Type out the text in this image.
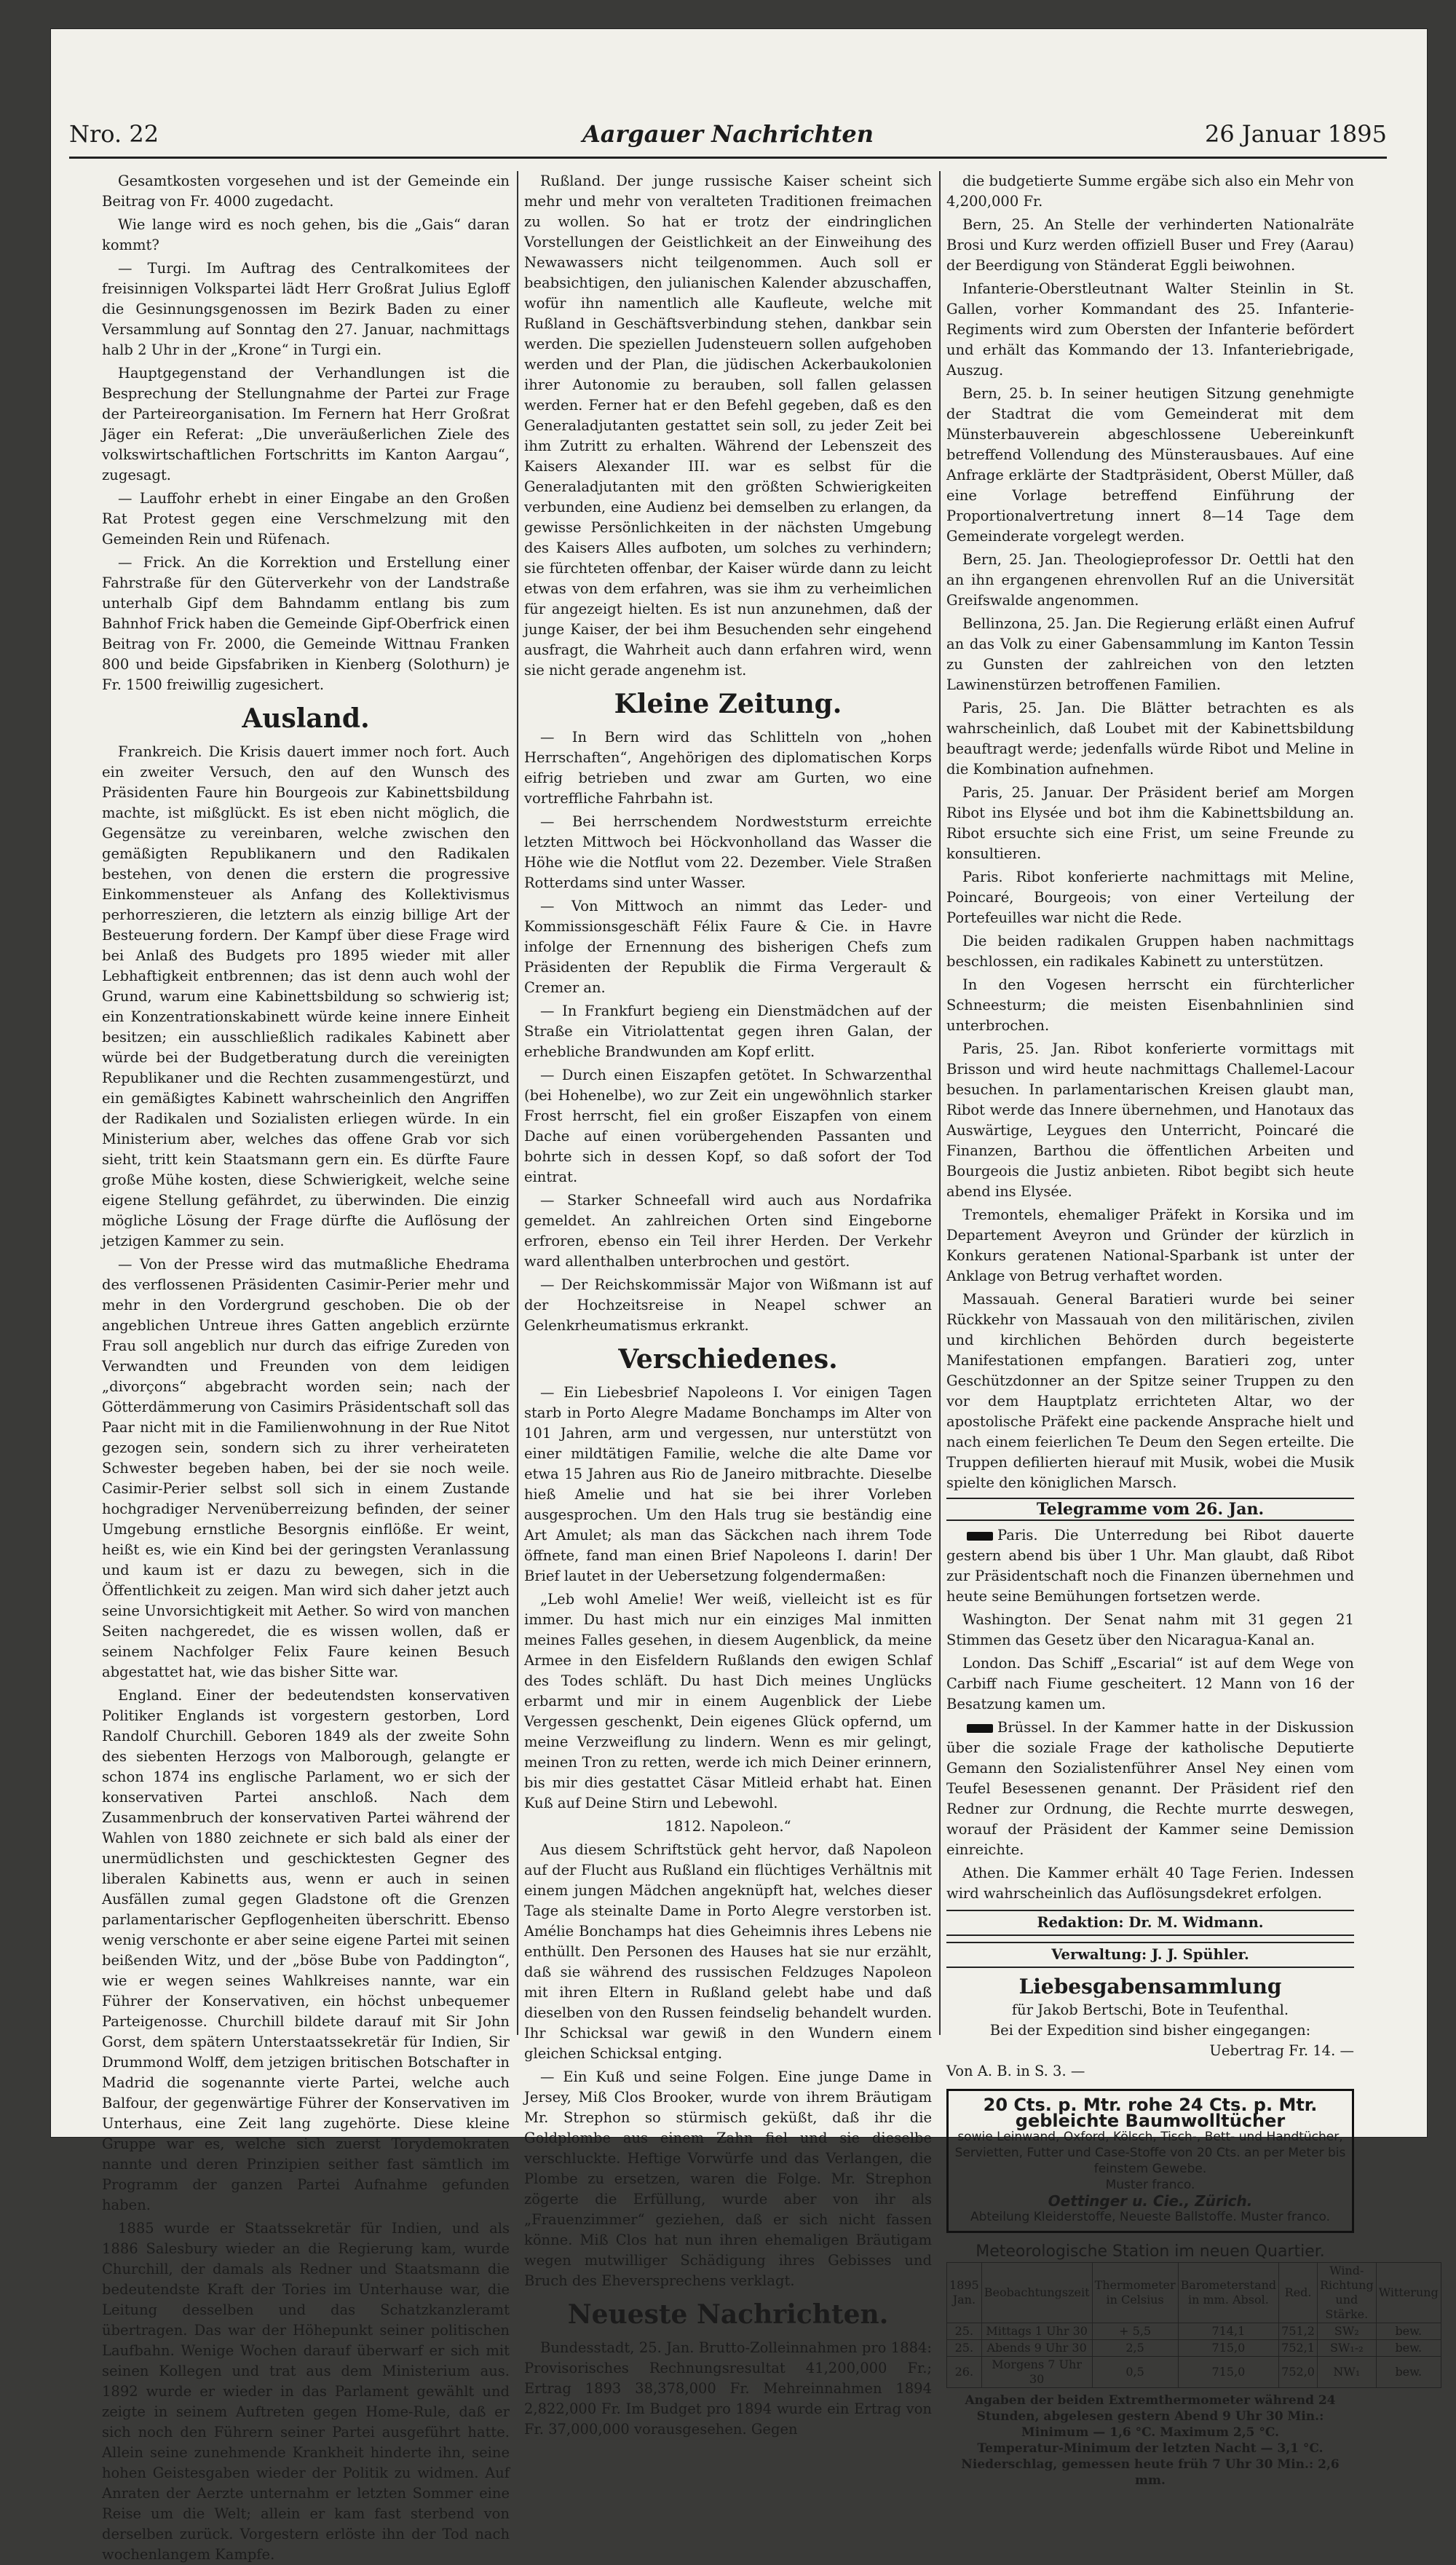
Nro. 22	Aargauer Nachrichten	26 Januar 1895

Gesamtkosten vorgesehen und ist der Gemeinde ein Beitrag von Fr. 4000 zugedacht.

Wie lange wird es noch gehen, bis die „Gais“ daran kommt?

— Turgi. Im Auftrag des Centralkomitees der freisinnigen Volkspartei lädt Herr Großrat Julius Egloff die Gesinnungsgenossen im Bezirk Baden zu einer Versammlung auf Sonntag den 27. Januar, nachmittags halb 2 Uhr in der „Krone“ in Turgi ein.

Hauptgegenstand der Verhandlungen ist die Besprechung der Stellungnahme der Partei zur Frage der Parteireorganisation. Im Fernern hat Herr Großrat Jäger ein Referat: „Die unveräußerlichen Ziele des volkswirtschaftlichen Fortschritts im Kanton Aargau“, zugesagt.

— Lauffohr erhebt in einer Eingabe an den Großen Rat Protest gegen eine Verschmelzung mit den Gemeinden Rein und Rüfenach.

— Frick. An die Korrektion und Erstellung einer Fahrstraße für den Güterverkehr von der Landstraße unterhalb Gipf dem Bahndamm entlang bis zum Bahnhof Frick haben die Gemeinde Gipf-Oberfrick einen Beitrag von Fr. 2000, die Gemeinde Wittnau Franken 800 und beide Gipsfabriken in Kienberg (Solothurn) je Fr. 1500 freiwillig zugesichert.

Ausland.

Frankreich. Die Krisis dauert immer noch fort. Auch ein zweiter Versuch, den auf den Wunsch des Präsidenten Faure hin Bourgeois zur Kabinettsbildung machte, ist mißglückt. Es ist eben nicht möglich, die Gegensätze zu vereinbaren, welche zwischen den gemäßigten Republikanern und den Radikalen bestehen, von denen die erstern die progressive Einkommensteuer als Anfang des Kollektivismus perhorreszieren, die letztern als einzig billige Art der Besteuerung fordern. Der Kampf über diese Frage wird bei Anlaß des Budgets pro 1895 wieder mit aller Lebhaftigkeit entbrennen; das ist denn auch wohl der Grund, warum eine Kabinettsbildung so schwierig ist; ein Konzentrationskabinett würde keine innere Einheit besitzen; ein ausschließlich radikales Kabinett aber würde bei der Budgetberatung durch die vereinigten Republikaner und die Rechten zusammengestürzt, und ein gemäßigtes Kabinett wahrscheinlich den Angriffen der Radikalen und Sozialisten erliegen würde. In ein Ministerium aber, welches das offene Grab vor sich sieht, tritt kein Staatsmann gern ein. Es dürfte Faure große Mühe kosten, diese Schwierigkeit, welche seine eigene Stellung gefährdet, zu überwinden. Die einzig mögliche Lösung der Frage dürfte die Auflösung der jetzigen Kammer zu sein.

— Von der Presse wird das mutmaßliche Ehedrama des verflossenen Präsidenten Casimir-Perier mehr und mehr in den Vordergrund geschoben. Die ob der angeblichen Untreue ihres Gatten angeblich erzürnte Frau soll angeblich nur durch das eifrige Zureden von Verwandten und Freunden von dem leidigen „divorçons“ abgebracht worden sein; nach der Götterdämmerung von Casimirs Präsidentschaft soll das Paar nicht mit in die Familienwohnung in der Rue Nitot gezogen sein, sondern sich zu ihrer verheirateten Schwester begeben haben, bei der sie noch weile. Casimir-Perier selbst soll sich in einem Zustande hochgradiger Nervenüberreizung befinden, der seiner Umgebung ernstliche Besorgnis einflöße. Er weint, heißt es, wie ein Kind bei der geringsten Veranlassung und kaum ist er dazu zu bewegen, sich in die Öffentlichkeit zu zeigen. Man wird sich daher jetzt auch seine Unvorsichtigkeit mit Aether. So wird von manchen Seiten nachgeredet, die es wissen wollen, daß er seinem Nachfolger Felix Faure keinen Besuch abgestattet hat, wie das bisher Sitte war.

England. Einer der bedeutendsten konservativen Politiker Englands ist vorgestern gestorben, Lord Randolf Churchill. Geboren 1849 als der zweite Sohn des siebenten Herzogs von Malborough, gelangte er schon 1874 ins englische Parlament, wo er sich der konservativen Partei anschloß. Nach dem Zusammenbruch der konservativen Partei während der Wahlen von 1880 zeichnete er sich bald als einer der unermüdlichsten und geschicktesten Gegner des liberalen Kabinetts aus, wenn er auch in seinen Ausfällen zumal gegen Gladstone oft die Grenzen parlamentarischer Gepflogenheiten überschritt. Ebenso wenig verschonte er aber seine eigene Partei mit seinen beißenden Witz, und der „böse Bube von Paddington“, wie er wegen seines Wahlkreises nannte, war ein Führer der Konservativen, ein höchst unbequemer Parteigenosse. Churchill bildete darauf mit Sir John Gorst, dem spätern Unterstaatssekretär für Indien, Sir Drummond Wolff, dem jetzigen britischen Botschafter in Madrid die sogenannte vierte Partei, welche auch Balfour, der gegenwärtige Führer der Konservativen im Unterhaus, eine Zeit lang zugehörte. Diese kleine Gruppe war es, welche sich zuerst Torydemokraten nannte und deren Prinzipien seither fast sämtlich im Programm der ganzen Partei Aufnahme gefunden haben.

1885 wurde er Staatssekretär für Indien, und als 1886 Salesbury wieder an die Regierung kam, wurde Churchill, der damals als Redner und Staatsmann die bedeutendste Kraft der Tories im Unterhause war, die Leitung desselben und das Schatzkanzleramt übertragen. Das war der Höhepunkt seiner politischen Laufbahn. Wenige Wochen darauf überwarf er sich mit seinen Kollegen und trat aus dem Ministerium aus. 1892 wurde er wieder in das Parlament gewählt und zeigte in seinem Auftreten gegen Home-Rule, daß er sich noch den Führern seiner Partei ausgeführt hatte. Allein seine zunehmende Krankheit hinderte ihn, seine hohen Geistesgaben wieder der Politik zu widmen. Auf Anraten der Aerzte unternahm er letzten Sommer eine Reise um die Welt; allein er kam fast sterbend von derselben zurück. Vorgestern erlöste ihn der Tod nach wochenlangem Kampfe.

Rußland. Der junge russische Kaiser scheint sich mehr und mehr von veralteten Traditionen freimachen zu wollen. So hat er trotz der eindringlichen Vorstellungen der Geistlichkeit an der Einweihung des Newawassers nicht teilgenommen. Auch soll er beabsichtigen, den julianischen Kalender abzuschaffen, wofür ihn namentlich alle Kaufleute, welche mit Rußland in Geschäftsverbindung stehen, dankbar sein werden. Die speziellen Judensteuern sollen aufgehoben werden und der Plan, die jüdischen Ackerbaukolonien ihrer Autonomie zu berauben, soll fallen gelassen werden. Ferner hat er den Befehl gegeben, daß es den Generaladjutanten gestattet sein soll, zu jeder Zeit bei ihm Zutritt zu erhalten. Während der Lebenszeit des Kaisers Alexander III. war es selbst für die Generaladjutanten mit den größten Schwierigkeiten verbunden, eine Audienz bei demselben zu erlangen, da gewisse Persönlichkeiten in der nächsten Umgebung des Kaisers Alles aufboten, um solches zu verhindern; sie fürchteten offenbar, der Kaiser würde dann zu leicht etwas von dem erfahren, was sie ihm zu verheimlichen für angezeigt hielten. Es ist nun anzunehmen, daß der junge Kaiser, der bei ihm Besuchenden sehr eingehend ausfragt, die Wahrheit auch dann erfahren wird, wenn sie nicht gerade angenehm ist.

Kleine Zeitung.

— In Bern wird das Schlitteln von „hohen Herrschaften“, Angehörigen des diplomatischen Korps eifrig betrieben und zwar am Gurten, wo eine vortreffliche Fahrbahn ist.

— Bei herrschendem Nordweststurm erreichte letzten Mittwoch bei Höckvonholland das Wasser die Höhe wie die Notflut vom 22. Dezember. Viele Straßen Rotterdams sind unter Wasser.

— Von Mittwoch an nimmt das Leder- und Kommissionsgeschäft Félix Faure & Cie. in Havre infolge der Ernennung des bisherigen Chefs zum Präsidenten der Republik die Firma Vergerault & Cremer an.

— In Frankfurt begieng ein Dienstmädchen auf der Straße ein Vitriolattentat gegen ihren Galan, der erhebliche Brandwunden am Kopf erlitt.

— Durch einen Eiszapfen getötet. In Schwarzenthal (bei Hohenelbe), wo zur Zeit ein ungewöhnlich starker Frost herrscht, fiel ein großer Eiszapfen von einem Dache auf einen vorübergehenden Passanten und bohrte sich in dessen Kopf, so daß sofort der Tod eintrat.

— Starker Schneefall wird auch aus Nordafrika gemeldet. An zahlreichen Orten sind Eingeborne erfroren, ebenso ein Teil ihrer Herden. Der Verkehr ward allenthalben unterbrochen und gestört.

— Der Reichskommissär Major von Wißmann ist auf der Hochzeitsreise in Neapel schwer an Gelenkrheumatismus erkrankt.

Verschiedenes.

— Ein Liebesbrief Napoleons I. Vor einigen Tagen starb in Porto Alegre Madame Bonchamps im Alter von 101 Jahren, arm und vergessen, nur unterstützt von einer mildtätigen Familie, welche die alte Dame vor etwa 15 Jahren aus Rio de Janeiro mitbrachte. Dieselbe hieß Amelie und hat sie bei ihrer Vorleben ausgesprochen. Um den Hals trug sie beständig eine Art Amulet; als man das Säckchen nach ihrem Tode öffnete, fand man einen Brief Napoleons I. darin! Der Brief lautet in der Uebersetzung folgendermaßen:

„Leb wohl Amelie! Wer weiß, vielleicht ist es für immer. Du hast mich nur ein einziges Mal inmitten meines Falles gesehen, in diesem Augenblick, da meine Armee in den Eisfeldern Rußlands den ewigen Schlaf des Todes schläft. Du hast Dich meines Unglücks erbarmt und mir in einem Augenblick der Liebe Vergessen geschenkt, Dein eigenes Glück opfernd, um meine Verzweiflung zu lindern. Wenn es mir gelingt, meinen Tron zu retten, werde ich mich Deiner erinnern, bis mir dies gestattet Cäsar Mitleid erhabt hat. Einen Kuß auf Deine Stirn und Lebewohl.

1812. Napoleon.“

Aus diesem Schriftstück geht hervor, daß Napoleon auf der Flucht aus Rußland ein flüchtiges Verhältnis mit einem jungen Mädchen angeknüpft hat, welches dieser Tage als steinalte Dame in Porto Alegre verstorben ist. Amélie Bonchamps hat dies Geheimnis ihres Lebens nie enthüllt. Den Personen des Hauses hat sie nur erzählt, daß sie während des russischen Feldzuges Napoleon mit ihren Eltern in Rußland gelebt habe und daß dieselben von den Russen feindselig behandelt wurden. Ihr Schicksal war gewiß in den Wundern einem gleichen Schicksal entging.

— Ein Kuß und seine Folgen. Eine junge Dame in Jersey, Miß Clos Brooker, wurde von ihrem Bräutigam Mr. Strephon so stürmisch geküßt, daß ihr die Goldplombe aus einem Zahn fiel und sie dieselbe verschluckte. Heftige Vorwürfe und das Verlangen, die Plombe zu ersetzen, waren die Folge. Mr. Strephon zögerte die Erfüllung, wurde aber von ihr als „Frauenzimmer“ geziehen, daß er sich nicht fassen könne. Miß Clos hat nun ihren ehemaligen Bräutigam wegen mutwilliger Schädigung ihres Gebisses und Bruch des Eheversprechens verklagt.

Neueste Nachrichten.

Bundesstadt, 25. Jan. Brutto-Zolleinnahmen pro 1884: Provisorisches Rechnungsresultat 41,200,000 Fr.; Ertrag 1893 38,378,000 Fr. Mehreinnahmen 1894 2,822,000 Fr. Im Budget pro 1894 wurde ein Ertrag von Fr. 37,000,000 vorausgesehen. Gegen

die budgetierte Summe ergäbe sich also ein Mehr von 4,200,000 Fr.

Bern, 25. An Stelle der verhinderten Nationalräte Brosi und Kurz werden offiziell Buser und Frey (Aarau) der Beerdigung von Ständerat Eggli beiwohnen.

Infanterie-Oberstleutnant Walter Steinlin in St. Gallen, vorher Kommandant des 25. Infanterie-Regiments wird zum Obersten der Infanterie befördert und erhält das Kommando der 13. Infanteriebrigade, Auszug.

Bern, 25. b. In seiner heutigen Sitzung genehmigte der Stadtrat die vom Gemeinderat mit dem Münsterbauverein abgeschlossene Uebereinkunft betreffend Vollendung des Münsterausbaues. Auf eine Anfrage erklärte der Stadtpräsident, Oberst Müller, daß eine Vorlage betreffend Einführung der Proportionalvertretung innert 8—14 Tage dem Gemeinderate vorgelegt werden.

Bern, 25. Jan. Theologieprofessor Dr. Oettli hat den an ihn ergangenen ehrenvollen Ruf an die Universität Greifswalde angenommen.

Bellinzona, 25. Jan. Die Regierung erläßt einen Aufruf an das Volk zu einer Gabensammlung im Kanton Tessin zu Gunsten der zahlreichen von den letzten Lawinenstürzen betroffenen Familien.

Paris, 25. Jan. Die Blätter betrachten es als wahrscheinlich, daß Loubet mit der Kabinettsbildung beauftragt werde; jedenfalls würde Ribot und Meline in die Kombination aufnehmen.

Paris, 25. Januar. Der Präsident berief am Morgen Ribot ins Elysée und bot ihm die Kabinettsbildung an. Ribot ersuchte sich eine Frist, um seine Freunde zu konsultieren.

Paris. Ribot konferierte nachmittags mit Meline, Poincaré, Bourgeois; von einer Verteilung der Portefeuilles war nicht die Rede.

Die beiden radikalen Gruppen haben nachmittags beschlossen, ein radikales Kabinett zu unterstützen.

In den Vogesen herrscht ein fürchterlicher Schneesturm; die meisten Eisenbahnlinien sind unterbrochen.

Paris, 25. Jan. Ribot konferierte vormittags mit Brisson und wird heute nachmittags Challemel-Lacour besuchen. In parlamentarischen Kreisen glaubt man, Ribot werde das Innere übernehmen, und Hanotaux das Auswärtige, Leygues den Unterricht, Poincaré die Finanzen, Barthou die öffentlichen Arbeiten und Bourgeois die Justiz anbieten. Ribot begibt sich heute abend ins Elysée.

Tremontels, ehemaliger Präfekt in Korsika und im Departement Aveyron und Gründer der kürzlich in Konkurs geratenen National-Sparbank ist unter der Anklage von Betrug verhaftet worden.

Massauah. General Baratieri wurde bei seiner Rückkehr von Massauah von den militärischen, zivilen und kirchlichen Behörden durch begeisterte Manifestationen empfangen. Baratieri zog, unter Geschützdonner an der Spitze seiner Truppen zu den vor dem Hauptplatz errichteten Altar, wo der apostolische Präfekt eine packende Ansprache hielt und nach einem feierlichen Te Deum den Segen erteilte. Die Truppen defilierten hierauf mit Musik, wobei die Musik spielte den königlichen Marsch.

Telegramme vom 26. Jan.

Paris. Die Unterredung bei Ribot dauerte gestern abend bis über 1 Uhr. Man glaubt, daß Ribot zur Präsidentschaft noch die Finanzen übernehmen und heute seine Bemühungen fortsetzen werde.

Washington. Der Senat nahm mit 31 gegen 21 Stimmen das Gesetz über den Nicaragua-Kanal an.

London. Das Schiff „Escarial“ ist auf dem Wege von Carbiff nach Fiume gescheitert. 12 Mann von 16 der Besatzung kamen um.

Brüssel. In der Kammer hatte in der Diskussion über die soziale Frage der katholische Deputierte Gemann den Sozialistenführer Ansel Ney einen vom Teufel Besessenen genannt. Der Präsident rief den Redner zur Ordnung, die Rechte murrte deswegen, worauf der Präsident der Kammer seine Demission einreichte.

Athen. Die Kammer erhält 40 Tage Ferien. Indessen wird wahrscheinlich das Auflösungsdekret erfolgen.

Redaktion: Dr. M. Widmann.
Verwaltung: J. J. Spühler.
Liebesgabensammlung
für Jakob Bertschi, Bote in Teufenthal.
Bei der Expedition sind bisher eingegangen:
Uebertrag Fr. 14. —
Von A. B. in S. 3. —
20 Cts. p. Mtr. rohe 24 Cts. p. Mtr. gebleichte Baumwolltücher
sowie Leinwand, Oxford, Kölsch, Tisch-, Bett- und Handtücher, Servietten, Futter und Case-Stoffe von 20 Cts. an per Meter bis feinstem Gewebe.
Muster franco.
Oettinger u. Cie., Zürich.
Abteilung Kleiderstoffe, Neueste Ballstoffe. Muster franco.
Meteorologische Station im neuen Quartier.
1895 Jan.	Beobachtungszeit	Thermometer in Celsius	Barometerstand in mm. Absol.	Red.	Wind-Richtung und Stärke.	Witterung
25.	Mittags 1 Uhr 30	+ 5,5	714,1	751,2	SW₂	bew.
25.	Abends 9 Uhr 30	2,5	715,0	752,1	SW₁-₂	bew.
26.	Morgens 7 Uhr 30	0,5	715,0	752,0	NW₁	bew.
Angaben der beiden Extremthermometer während 24 Stunden, abgelesen gestern Abend 9 Uhr 30 Min.:
Minimum — 1,6 °C. Maximum 2,5 °C.
Temperatur-Minimum der letzten Nacht — 3,1 °C.
Niederschlag, gemessen heute früh 7 Uhr 30 Min.: 2,6 mm.
